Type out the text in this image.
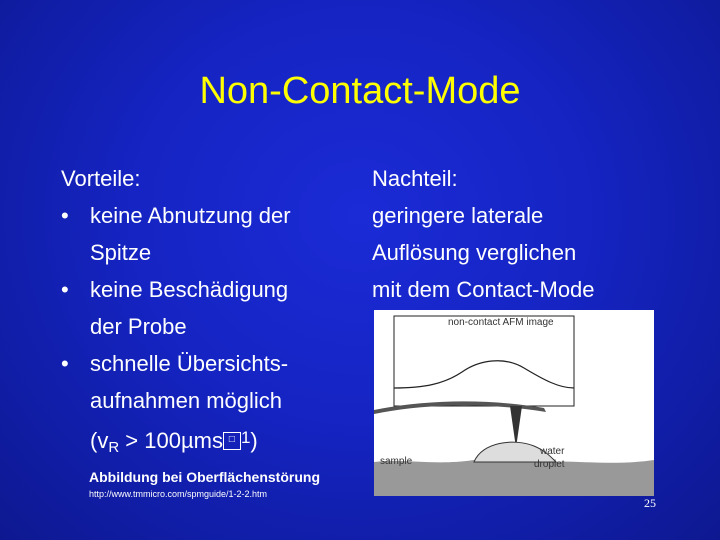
Non-Contact-Mode
Vorteile:
• keine Abnutzung der
Spitze
• keine Beschädigung
der Probe
• schnelle Übersichts-
aufnahmen möglich
($v_R > 100\mu ms$ □ $^1$)
Nachteil:
geringere laterale
Auflösung verglichen
mit dem Contact-Mode
non-contact AFM image
sample
water
droplet
Abbildung bei Oberflächenstörung
http://www.tmmicro.com/spmguide/1-2-2.htm
25
